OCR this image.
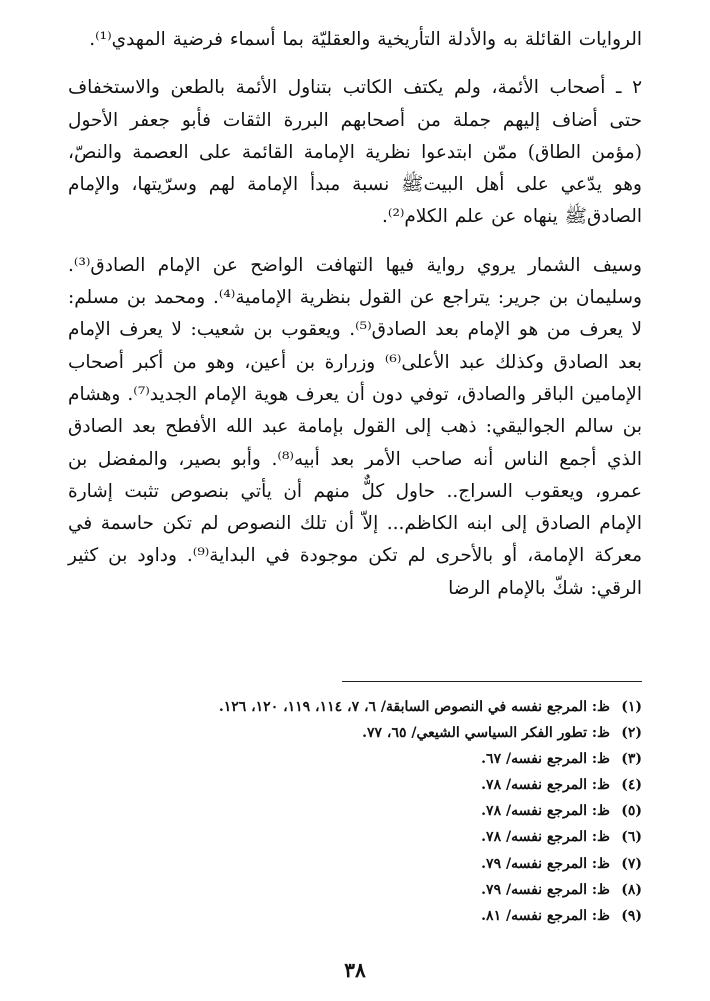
الروايات القائلة به والأدلة التأريخية والعقليّة بما أسماء فرضية المهدي⁽¹⁾.

٢ ـ أصحاب الأئمة، ولم يكتف الكاتب بتناول الأئمة بالطعن والاستخفاف حتى أضاف إليهم جملة من أصحابهم البررة الثقات فأبو جعفر الأحول (مؤمن الطاق) ممّن ابتدعوا نظرية الإمامة القائمة على العصمة والنصّ، وهو يدّعي على أهل البيتﷺ نسبة مبدأ الإمامة لهم وسرّيتها، والإمام الصادقﷺ ينهاه عن علم الكلام⁽²⁾.

وسيف الشمار يروي رواية فيها التهافت الواضح عن الإمام الصادق⁽³⁾. وسليمان بن جرير: يتراجع عن القول بنظرية الإمامية⁽⁴⁾. ومحمد بن مسلم: لا يعرف من هو الإمام بعد الصادق⁽⁵⁾. ويعقوب بن شعيب: لا يعرف الإمام بعد الصادق وكذلك عبد الأعلى⁽⁶⁾ وزرارة بن أعين، وهو من أكبر أصحاب الإمامين الباقر والصادق، توفي دون أن يعرف هوية الإمام الجديد⁽⁷⁾. وهشام بن سالم الجواليقي: ذهب إلى القول بإمامة عبد الله الأفطح بعد الصادق الذي أجمع الناس أنه صاحب الأمر بعد أبيه⁽⁸⁾. وأبو بصير، والمفضل بن عمرو، ويعقوب السراج.. حاول كلٌّ منهم أن يأتي بنصوص تثبت إشارة الإمام الصادق إلى ابنه الكاظم... إلاّ أن تلك النصوص لم تكن حاسمة في معركة الإمامة، أو بالأحرى لم تكن موجودة في البداية⁽⁹⁾. وداود بن كثير الرقي: شكّ بالإمام الرضا

(١)ظ: المرجع نفسه في النصوص السابقة/ ٦، ٧، ١١٤، ١١٩، ١٢٠، ١٢٦.
(٢)ظ: تطور الفكر السياسي الشيعي/ ٦٥، ٧٧.
(٣)ظ: المرجع نفسه/ ٦٧.
(٤)ظ: المرجع نفسه/ ٧٨.
(٥)ظ: المرجع نفسه/ ٧٨.
(٦)ظ: المرجع نفسه/ ٧٨.
(٧)ظ: المرجع نفسه/ ٧٩.
(٨)ظ: المرجع نفسه/ ٧٩.
(٩)ظ: المرجع نفسه/ ٨١.
٣٨
